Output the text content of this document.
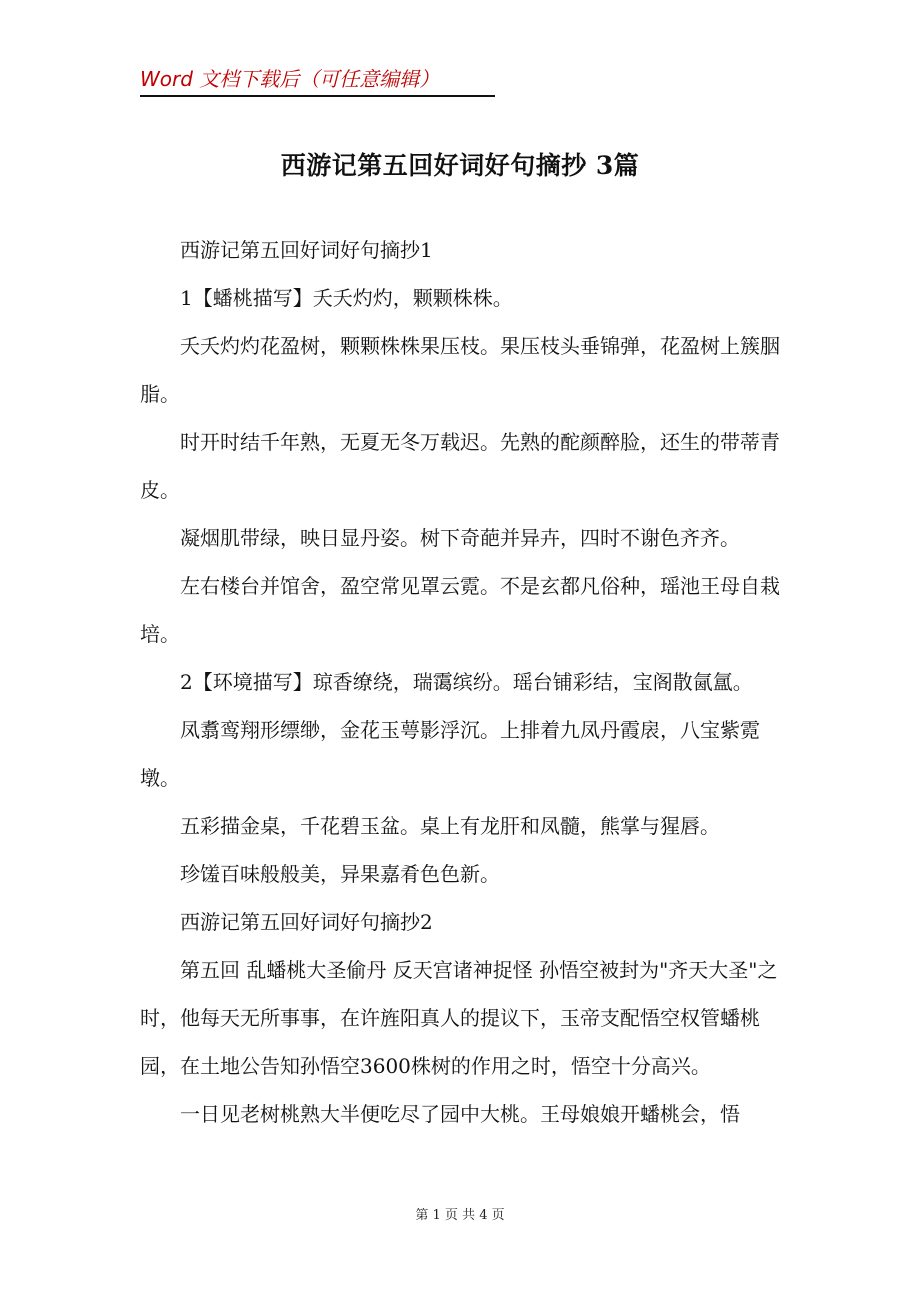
Word 文档下载后（可任意编辑）
西游记第五回好词好句摘抄 3篇

西游记第五回好词好句摘抄1

1【蟠桃描写】夭夭灼灼，颗颗株株。

夭夭灼灼花盈树，颗颗株株果压枝。果压枝头垂锦弹，花盈树上簇胭脂。

时开时结千年熟，无夏无冬万载迟。先熟的酡颜醉脸，还生的带蒂青皮。

凝烟肌带绿，映日显丹姿。树下奇葩并异卉，四时不谢色齐齐。

左右楼台并馆舍，盈空常见罩云霓。不是玄都凡俗种，瑶池王母自栽培。

2【环境描写】琼香缭绕，瑞霭缤纷。瑶台铺彩结，宝阁散氤氲。

凤翥鸾翔形缥缈，金花玉萼影浮沉。上排着九凤丹霞扆，八宝紫霓墩。

五彩描金桌，千花碧玉盆。桌上有龙肝和凤髓，熊掌与猩唇。

珍馐百味般般美，异果嘉肴色色新。

西游记第五回好词好句摘抄2

第五回 乱蟠桃大圣偷丹 反天宫诸神捉怪 孙悟空被封为"齐天大圣"之时，他每天无所事事，在许旌阳真人的提议下，玉帝支配悟空权管蟠桃园，在土地公告知孙悟空3600株树的作用之时，悟空十分高兴。

一日见老树桃熟大半便吃尽了园中大桃。王母娘娘开蟠桃会，悟

第 1 页 共 4 页
